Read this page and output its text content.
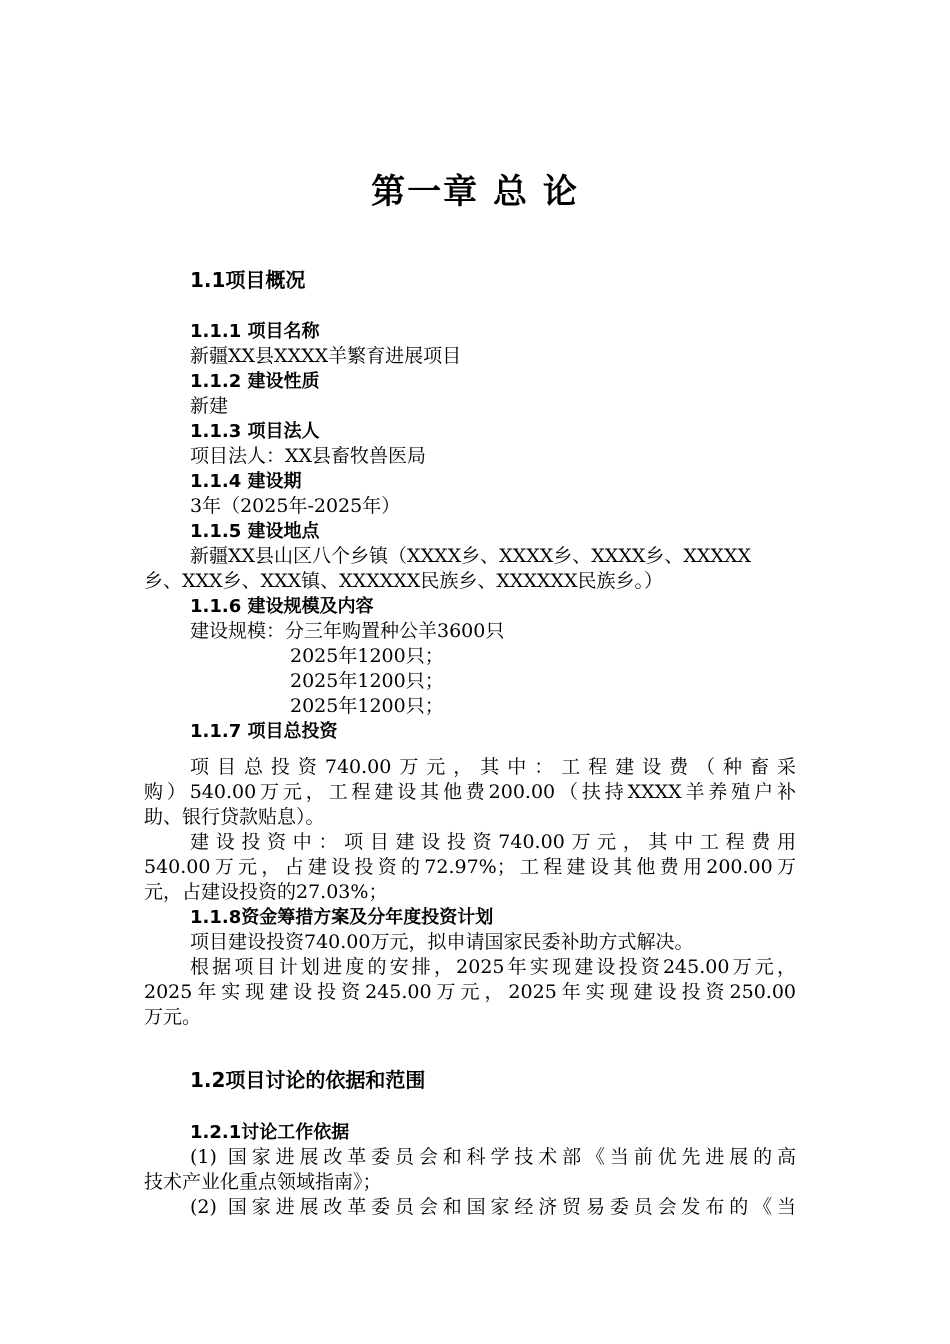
第一章 总 论
1.1项目概况
1.1.1 项目名称
新疆XX县XXXX羊繁育进展项目
1.1.2 建设性质
新建
1.1.3 项目法人
项目法人：XX县畜牧兽医局
1.1.4 建设期
3年（2025年-2025年）
1.1.5 建设地点
新疆XX县山区八个乡镇（XXXX乡、XXXX乡、XXXX乡、XXXXX
乡、XXX乡、XXX镇、XXXXXX民族乡、XXXXXX民族乡。）
1.1.6 建设规模及内容
建设规模：分三年购置种公羊3600只
2025年1200只；
2025年1200只；
2025年1200只；
1.1.7 项目总投资
项目总投资740.00万元，其中：工程建设费（种畜采
购）540.00万元，工程建设其他费200.00（扶持XXXX羊养殖户补
助、银行贷款贴息）。
建设投资中：项目建设投资740.00万元，其中工程费用
540.00万元，占建设投资的72.97%；工程建设其他费用200.00万
元，占建设投资的27.03%；
1.1.8资金筹措方案及分年度投资计划
项目建设投资740.00万元，拟申请国家民委补助方式解决。
根据项目计划进度的安排，2025年实现建设投资245.00万元，
2025年实现建设投资245.00万元，2025年实现建设投资250.00
万元。
1.2项目讨论的依据和范围
1.2.1讨论工作依据
(1) 国家进展改革委员会和科学技术部《当前优先进展的高
技术产业化重点领域指南》；
(2) 国家进展改革委员会和国家经济贸易委员会发布的《当
